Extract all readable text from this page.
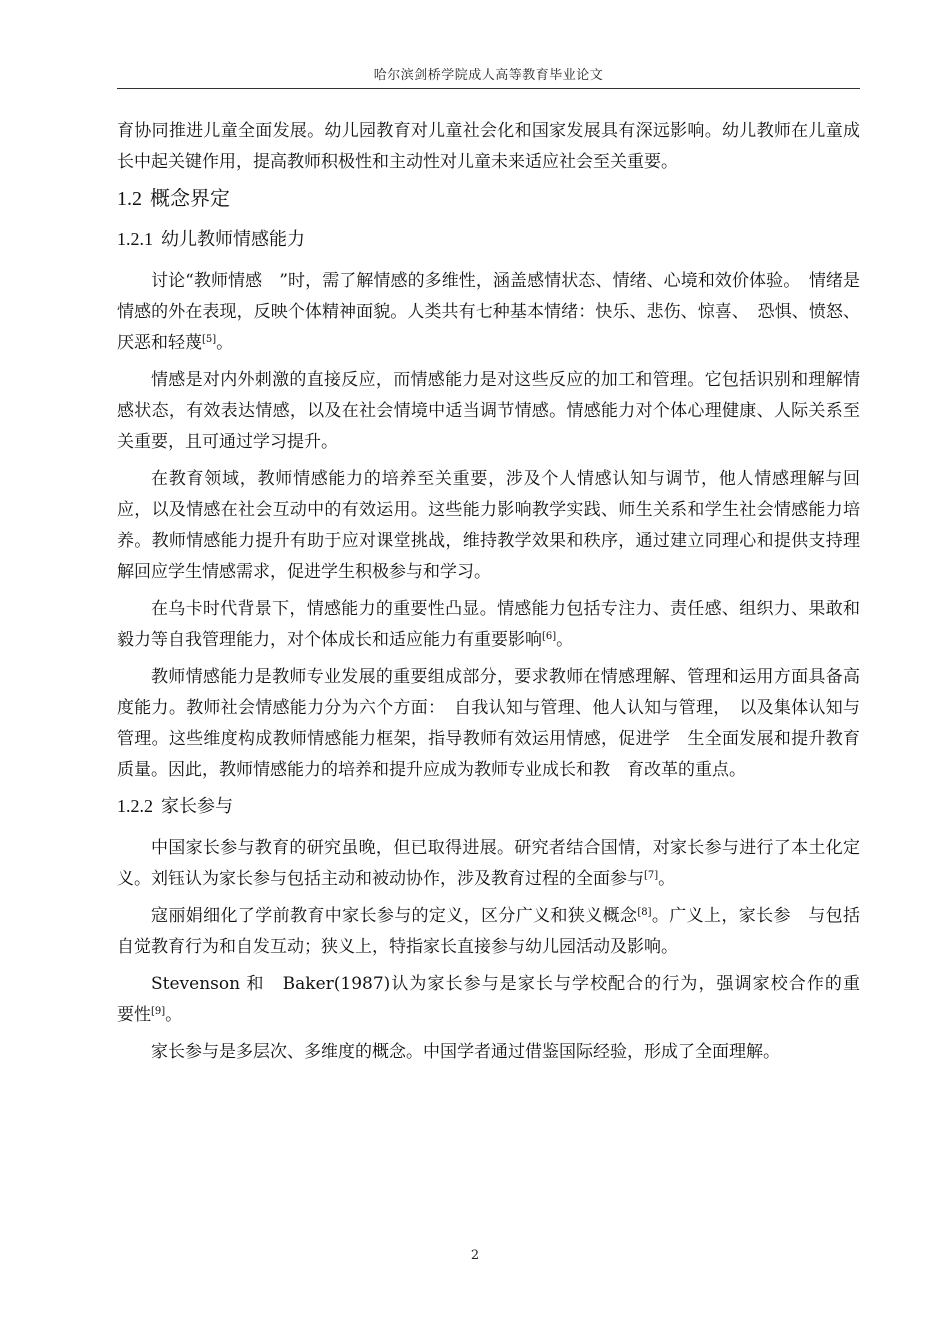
哈尔滨剑桥学院成人高等教育毕业论文

育协同推进儿童全面发展。幼儿园教育对儿童社会化和国家发展具有深远影响。幼儿教师在儿童成长中起关键作用，提高教师积极性和主动性对儿童未来适应社会至关重要。

1.2 概念界定
1.2.1 幼儿教师情感能力

讨论“教师情感　”时，需了解情感的多维性，涵盖感情状态、情绪、心境和效价体验。　情绪是情感的外在表现，反映个体精神面貌。人类共有七种基本情绪：快乐、悲伤、惊喜、　恐惧、愤怒、厌恶和轻蔑[5]。

情感是对内外刺激的直接反应，而情感能力是对这些反应的加工和管理。它包括识别和理解情感状态，有效表达情感，以及在社会情境中适当调节情感。情感能力对个体心理健康、人际关系至关重要，且可通过学习提升。

在教育领域，教师情感能力的培养至关重要，涉及个人情感认知与调节，他人情感理解与回应，以及情感在社会互动中的有效运用。这些能力影响教学实践、师生关系和学生社会情感能力培养。教师情感能力提升有助于应对课堂挑战，维持教学效果和秩序，通过建立同理心和提供支持理解回应学生情感需求，促进学生积极参与和学习。

在乌卡时代背景下，情感能力的重要性凸显。情感能力包括专注力、责任感、组织力、果敢和毅力等自我管理能力，对个体成长和适应能力有重要影响[6]。

教师情感能力是教师专业发展的重要组成部分，要求教师在情感理解、管理和运用方面具备高度能力。教师社会情感能力分为六个方面：　自我认知与管理、他人认知与管理，　以及集体认知与管理。这些维度构成教师情感能力框架，指导教师有效运用情感，促进学　生全面发展和提升教育质量。因此，教师情感能力的培养和提升应成为教师专业成长和教　育改革的重点。

1.2.2 家长参与

中国家长参与教育的研究虽晚，但已取得进展。研究者结合国情，对家长参与进行了本土化定义。刘钰认为家长参与包括主动和被动协作，涉及教育过程的全面参与[7]。

寇丽娟细化了学前教育中家长参与的定义，区分广义和狭义概念[8]。广义上，家长参　与包括自觉教育行为和自发互动；狭义上，特指家长直接参与幼儿园活动及影响。

Stevenson 和　Baker(1987)认为家长参与是家长与学校配合的行为，强调家校合作的重　要性[9]。

家长参与是多层次、多维度的概念。中国学者通过借鉴国际经验，形成了全面理解。

2
